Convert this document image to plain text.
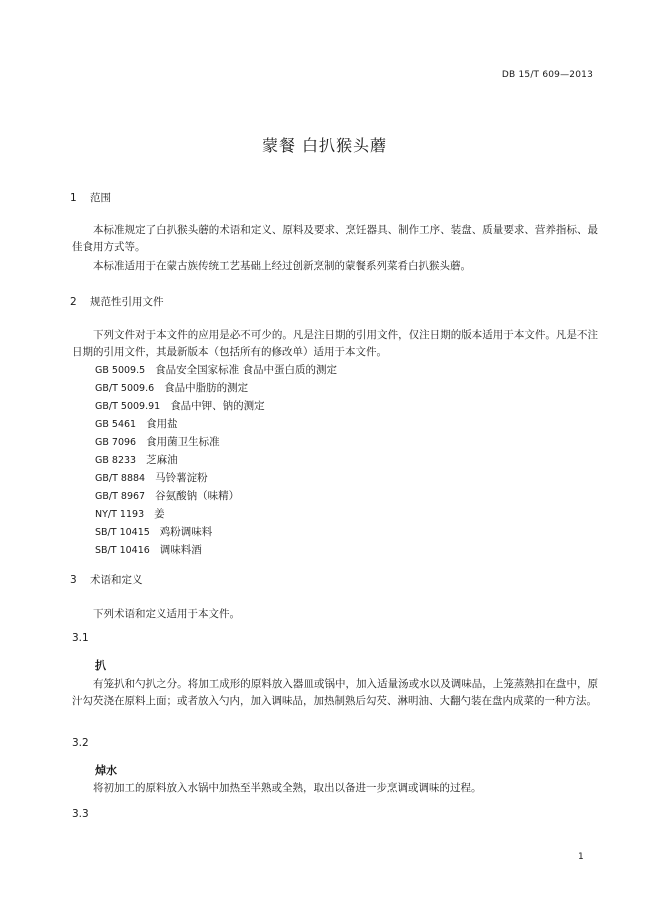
DB 15/T 609—2013
蒙餐 白扒猴头蘑
1 范围

本标准规定了白扒猴头蘑的术语和定义、原料及要求、烹饪器具、制作工序、装盘、质量要求、营养指标、最佳食用方式等。

本标准适用于在蒙古族传统工艺基础上经过创新烹制的蒙餐系列菜肴白扒猴头蘑。

2 规范性引用文件

下列文件对于本文件的应用是必不可少的。凡是注日期的引用文件，仅注日期的版本适用于本文件。凡是不注日期的引用文件，其最新版本（包括所有的修改单）适用于本文件。

GB 5009.5 食品安全国家标准 食品中蛋白质的测定
GB/T 5009.6 食品中脂肪的测定
GB/T 5009.91 食品中钾、钠的测定
GB 5461 食用盐
GB 7096 食用菌卫生标准
GB 8233 芝麻油
GB/T 8884 马铃薯淀粉
GB/T 8967 谷氨酸钠（味精）
NY/T 1193 姜
SB/T 10415 鸡粉调味料
SB/T 10416 调味料酒
3 术语和定义

下列术语和定义适用于本文件。

3.1
扒

有笼扒和勺扒之分。将加工成形的原料放入器皿或锅中，加入适量汤或水以及调味品，上笼蒸熟扣在盘中，原汁勾芡浇在原料上面；或者放入勺内，加入调味品，加热制熟后勾芡、淋明油、大翻勺装在盘内成菜的一种方法。

3.2
焯水

将初加工的原料放入水锅中加热至半熟或全熟，取出以备进一步烹调或调味的过程。

3.3
1
